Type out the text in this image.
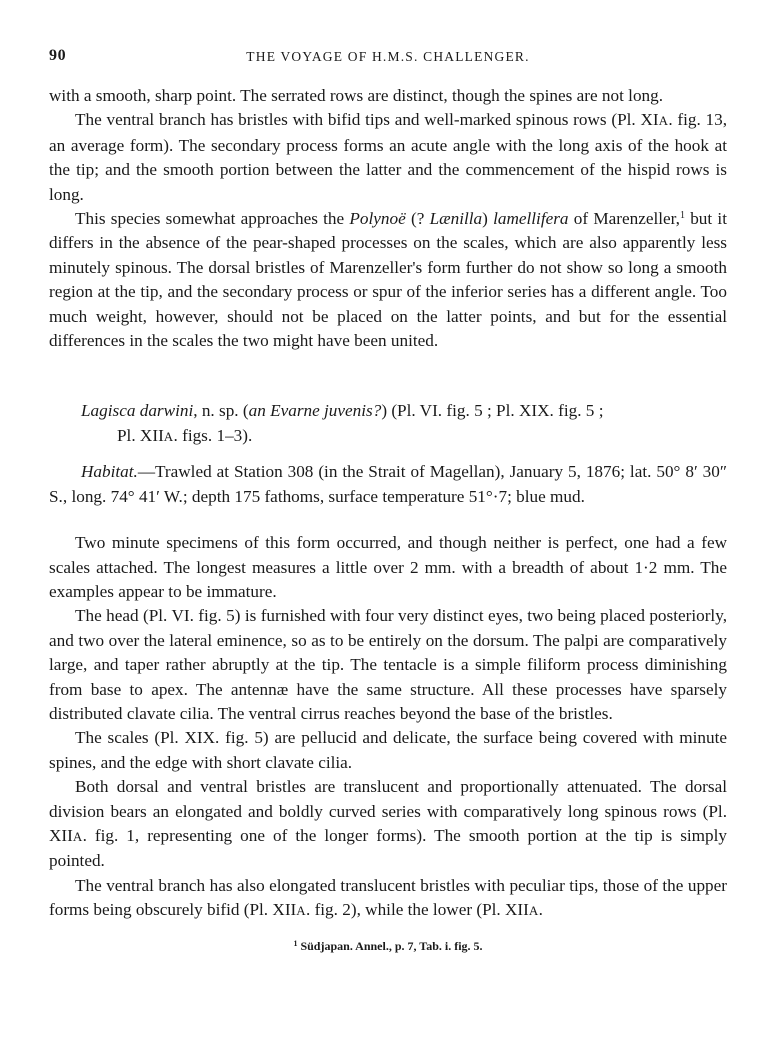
90	THE VOYAGE OF H.M.S. CHALLENGER.

with a smooth, sharp point. The serrated rows are distinct, though the spines are not long.

The ventral branch has bristles with bifid tips and well-marked spinous rows (Pl. XIA. fig. 13, an average form). The secondary process forms an acute angle with the long axis of the hook at the tip; and the smooth portion between the latter and the commencement of the hispid rows is long.

This species somewhat approaches the Polynoë (? Lænilla) lamellifera of Marenzeller,$^1$ but it differs in the absence of the pear-shaped processes on the scales, which are also apparently less minutely spinous. The dorsal bristles of Marenzeller's form further do not show so long a smooth region at the tip, and the secondary process or spur of the inferior series has a different angle. Too much weight, however, should not be placed on the latter points, and but for the essential differences in the scales the two might have been united.

Lagisca darwini, n. sp. (an Evarne juvenis?) (Pl. VI. fig. 5 ; Pl. XIX. fig. 5 ;
Pl. XIIA. figs. 1–3).

Habitat.—Trawled at Station 308 (in the Strait of Magellan), January 5, 1876; lat. 50° 8′ 30″ S., long. 74° 41′ W.; depth 175 fathoms, surface temperature 51°·7; blue mud.

Two minute specimens of this form occurred, and though neither is perfect, one had a few scales attached. The longest measures a little over 2 mm. with a breadth of about 1·2 mm. The examples appear to be immature.

The head (Pl. VI. fig. 5) is furnished with four very distinct eyes, two being placed posteriorly, and two over the lateral eminence, so as to be entirely on the dorsum. The palpi are comparatively large, and taper rather abruptly at the tip. The tentacle is a simple filiform process diminishing from base to apex. The antennæ have the same structure. All these processes have sparsely distributed clavate cilia. The ventral cirrus reaches beyond the base of the bristles.

The scales (Pl. XIX. fig. 5) are pellucid and delicate, the surface being covered with minute spines, and the edge with short clavate cilia.

Both dorsal and ventral bristles are translucent and proportionally attenuated. The dorsal division bears an elongated and boldly curved series with comparatively long spinous rows (Pl. XIIA. fig. 1, representing one of the longer forms). The smooth portion at the tip is simply pointed.

The ventral branch has also elongated translucent bristles with peculiar tips, those of the upper forms being obscurely bifid (Pl. XIIA. fig. 2), while the lower (Pl. XIIA.

$^1$ Südjapan. Annel., p. 7, Tab. i. fig. 5.
